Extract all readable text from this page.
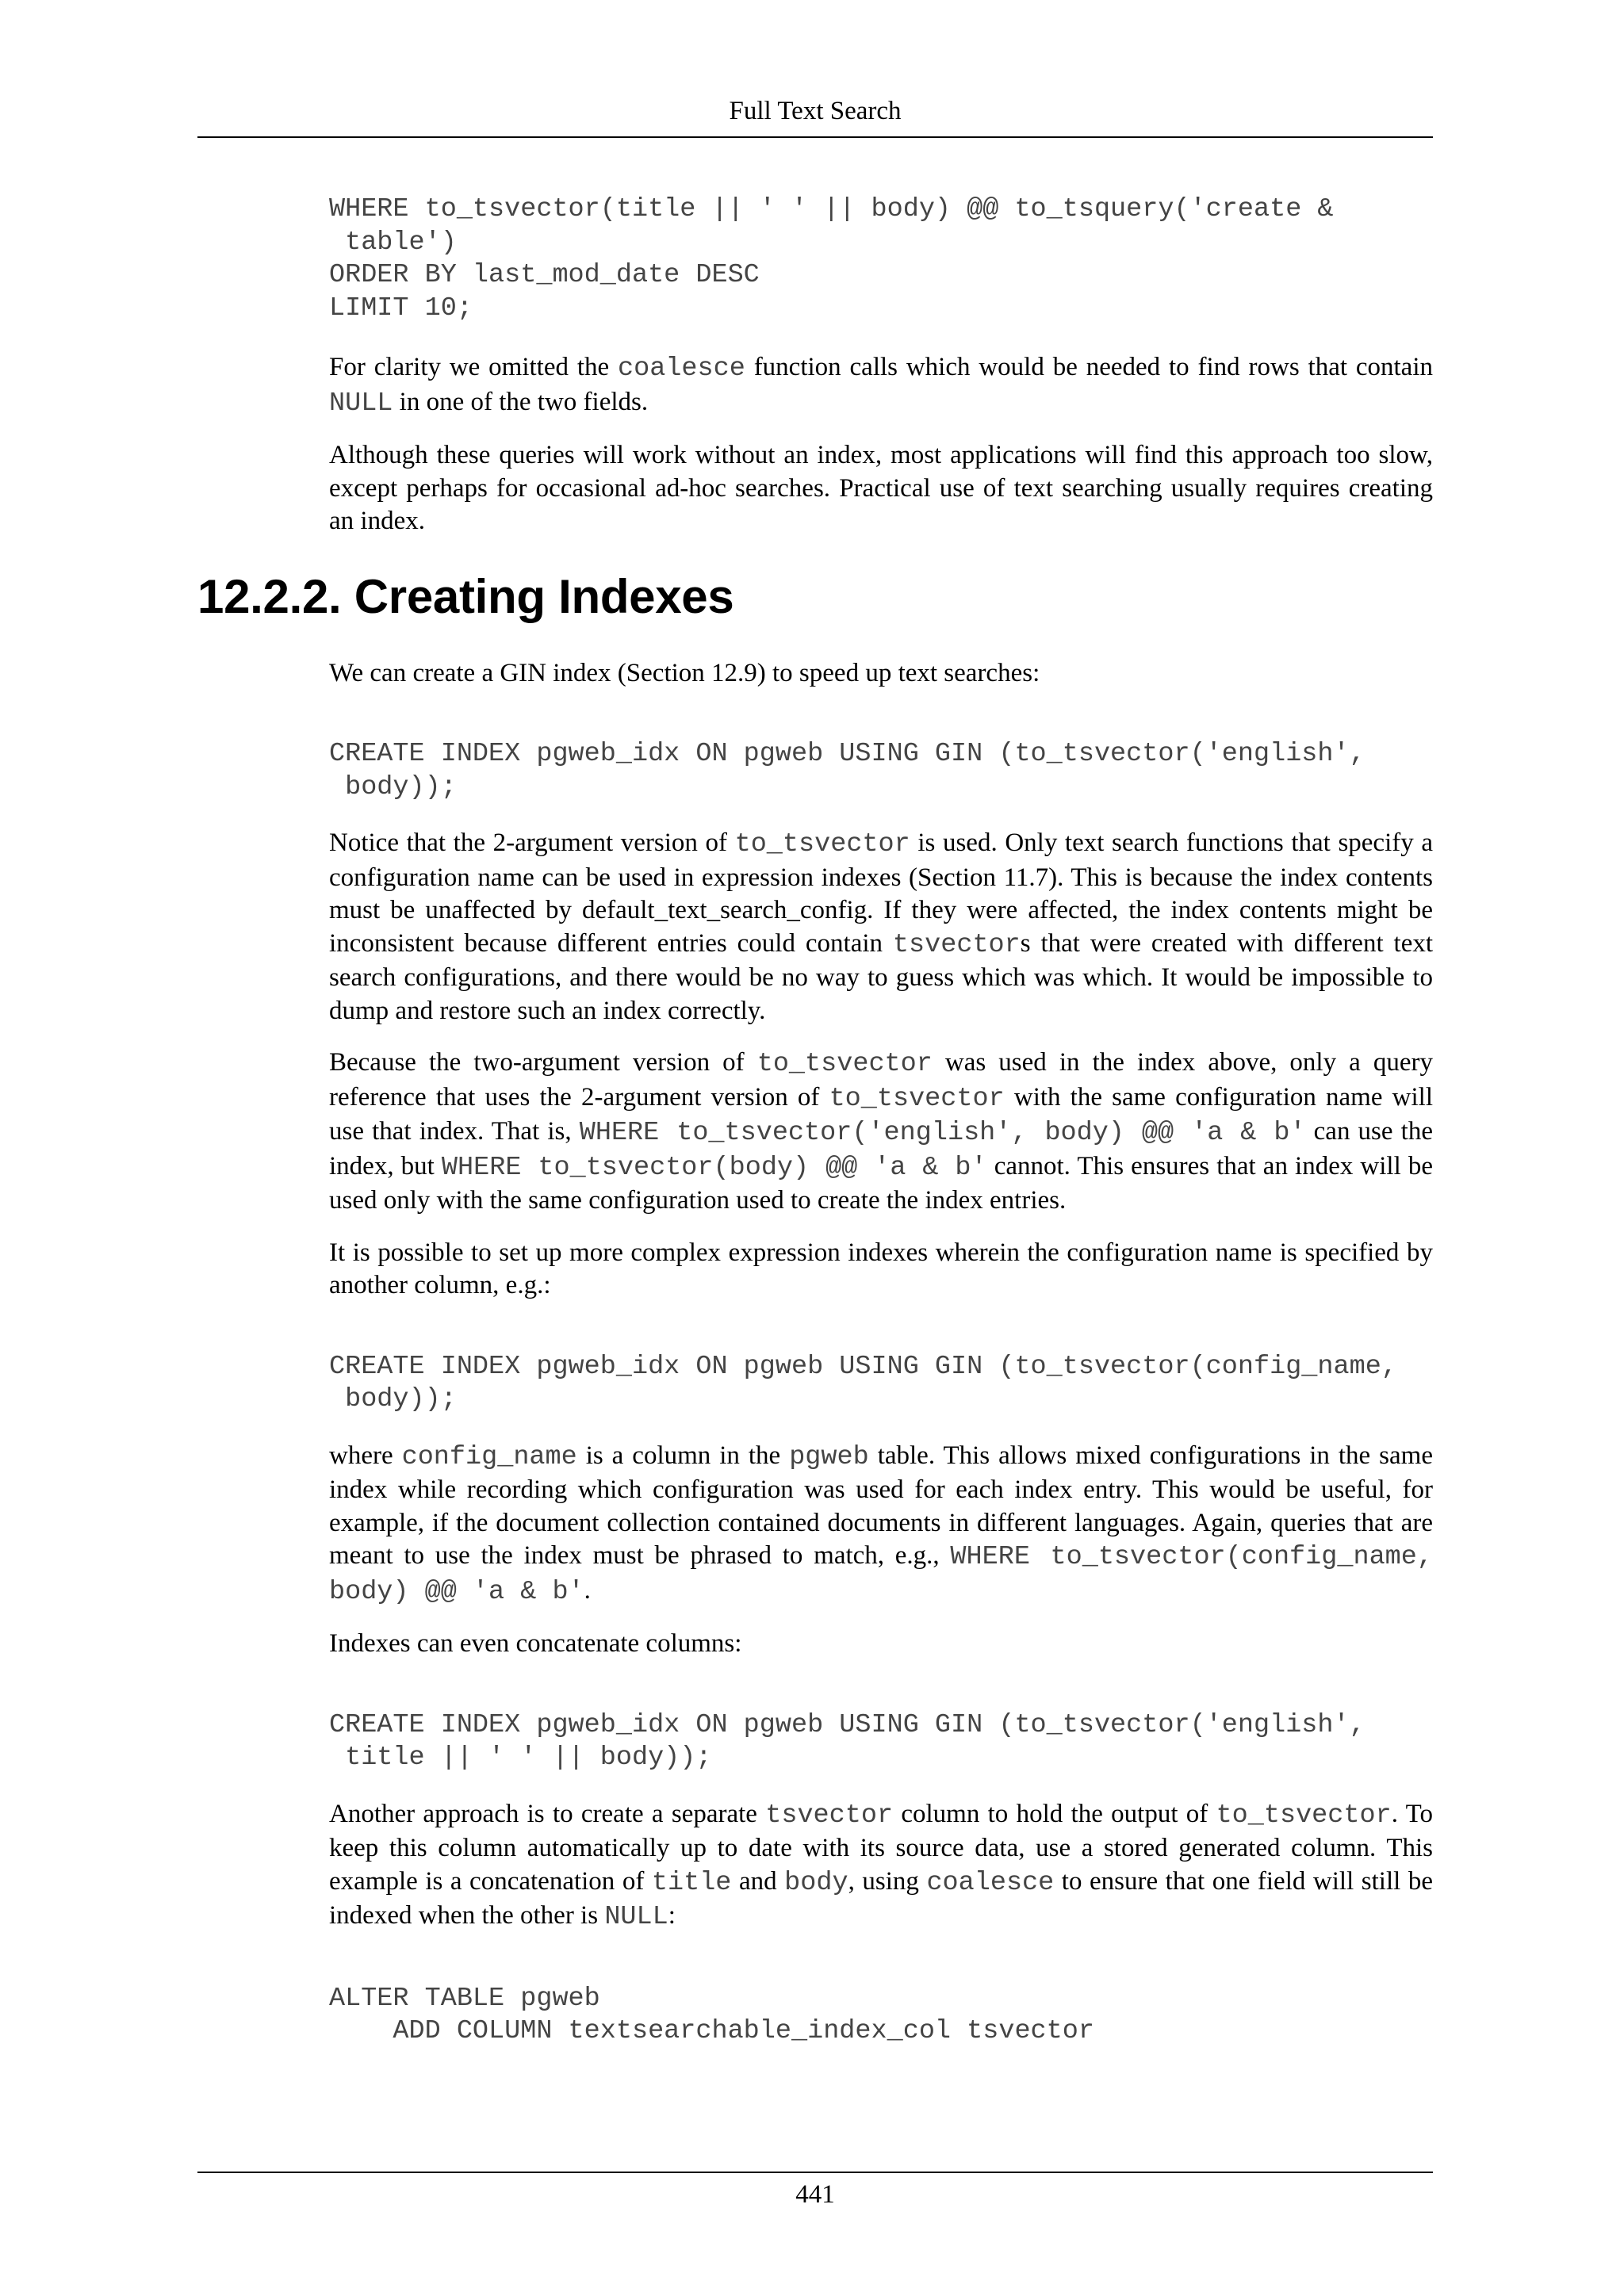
Full Text Search
WHERE to_tsvector(title || ' ' || body) @@ to_tsquery('create &
table')
ORDER BY last_mod_date DESC
LIMIT 10;

For clarity we omitted the coalesce function calls which would be needed to find rows that contain NULL in one of the two fields.

Although these queries will work without an index, most applications will find this approach too slow, except perhaps for occasional ad-hoc searches. Practical use of text searching usually requires creating an index.

We can create a GIN index (Section 12.9) to speed up text searches:

CREATE INDEX pgweb_idx ON pgweb USING GIN (to_tsvector('english',
body));

Notice that the 2-argument version of to_tsvector is used. Only text search functions that specify a configuration name can be used in expression indexes (Section 11.7). This is because the index contents must be unaffected by default_text_search_config. If they were affected, the index contents might be inconsistent because different entries could contain tsvectors that were created with different text search configurations, and there would be no way to guess which was which. It would be impossible to dump and restore such an index correctly.

Because the two-argument version of to_tsvector was used in the index above, only a query reference that uses the 2-argument version of to_tsvector with the same configuration name will use that index. That is, WHERE to_tsvector('english', body) @@ 'a & b' can use the index, but WHERE to_tsvector(body) @@ 'a & b' cannot. This ensures that an index will be used only with the same configuration used to create the index entries.

It is possible to set up more complex expression indexes wherein the configuration name is specified by another column, e.g.:

CREATE INDEX pgweb_idx ON pgweb USING GIN (to_tsvector(config_name,
body));

where config_name is a column in the pgweb table. This allows mixed configurations in the same index while recording which configuration was used for each index entry. This would be useful, for example, if the document collection contained documents in different languages. Again, queries that are meant to use the index must be phrased to match, e.g., WHERE to_tsvector(config_name, body) @@ 'a & b'.

Indexes can even concatenate columns:

CREATE INDEX pgweb_idx ON pgweb USING GIN (to_tsvector('english',
title || ' ' || body));

Another approach is to create a separate tsvector column to hold the output of to_tsvector. To keep this column automatically up to date with its source data, use a stored generated column. This example is a concatenation of title and body, using coalesce to ensure that one field will still be indexed when the other is NULL:

ALTER TABLE pgweb
ADD COLUMN textsearchable_index_col tsvector
12.2.2. Creating Indexes
441
